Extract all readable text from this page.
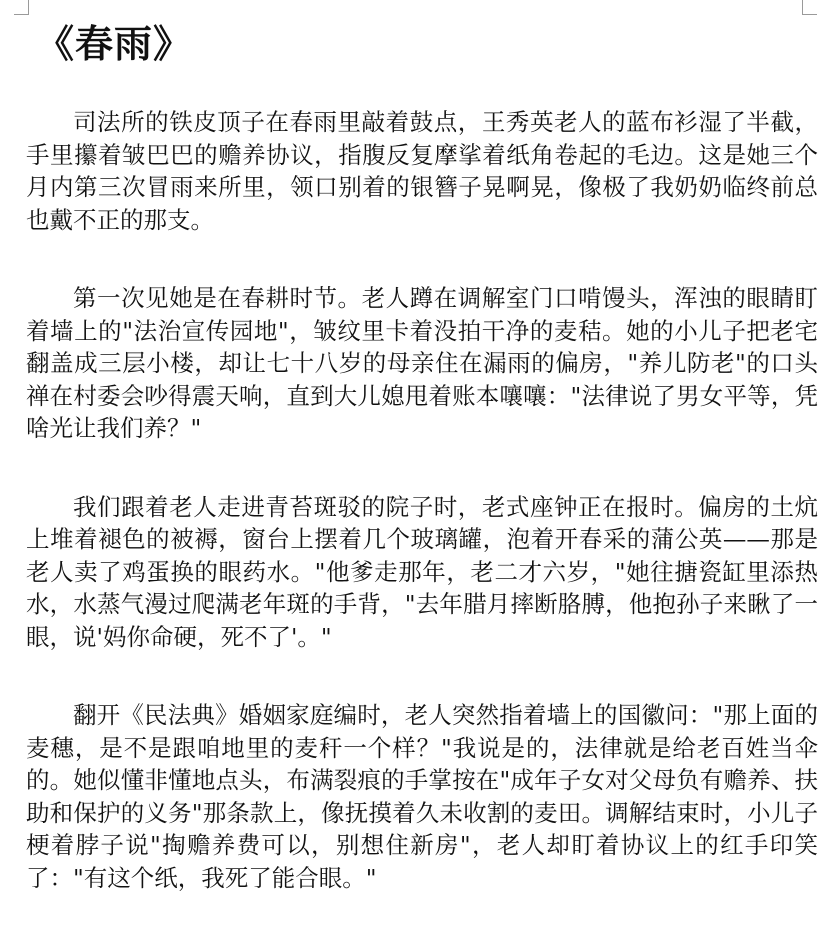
《春雨》

司法所的铁皮顶子在春雨里敲着鼓点，王秀英老人的蓝布衫湿了半截，手里攥着皱巴巴的赡养协议，指腹反复摩挲着纸角卷起的毛边。这是她三个月内第三次冒雨来所里，领口别着的银簪子晃啊晃，像极了我奶奶临终前总也戴不正的那支。

第一次见她是在春耕时节。老人蹲在调解室门口啃馒头，浑浊的眼睛盯着墙上的"法治宣传园地"，皱纹里卡着没拍干净的麦秸。她的小儿子把老宅翻盖成三层小楼，却让七十八岁的母亲住在漏雨的偏房，"养儿防老"的口头禅在村委会吵得震天响，直到大儿媳甩着账本嚷嚷："法律说了男女平等，凭啥光让我们养？"

我们跟着老人走进青苔斑驳的院子时，老式座钟正在报时。偏房的土炕上堆着褪色的被褥，窗台上摆着几个玻璃罐，泡着开春采的蒲公英——那是老人卖了鸡蛋换的眼药水。"他爹走那年，老二才六岁，"她往搪瓷缸里添热水，水蒸气漫过爬满老年斑的手背，"去年腊月摔断胳膊，他抱孙子来瞅了一眼，说'妈你命硬，死不了'。"

翻开《民法典》婚姻家庭编时，老人突然指着墙上的国徽问："那上面的麦穗，是不是跟咱地里的麦秆一个样？"我说是的，法律就是给老百姓当伞的。她似懂非懂地点头，布满裂痕的手掌按在"成年子女对父母负有赡养、扶助和保护的义务"那条款上，像抚摸着久未收割的麦田。调解结束时，小儿子梗着脖子说"掏赡养费可以，别想住新房"，老人却盯着协议上的红手印笑了："有这个纸，我死了能合眼。"
